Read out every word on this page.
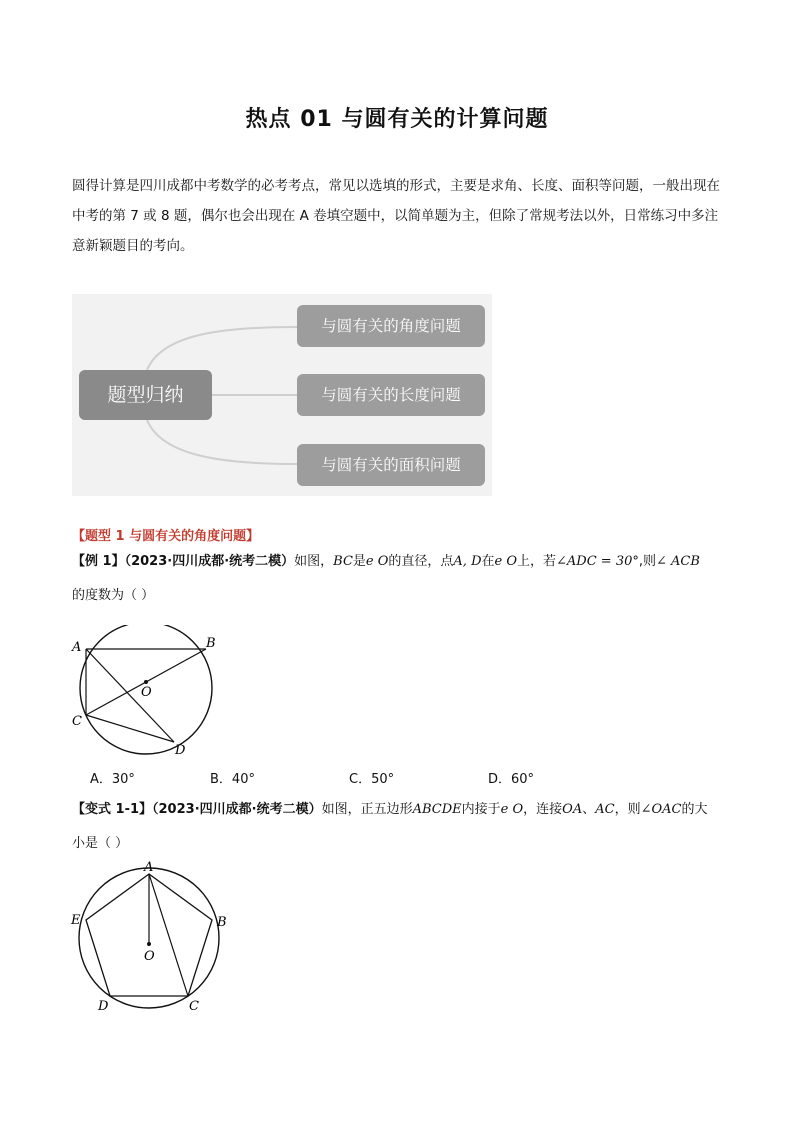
热点 01 与圆有关的计算问题
圆得计算是四川成都中考数学的必考考点，常见以选填的形式，主要是求角、长度、面积等问题，一般出现在中考的第 7 或 8 题，偶尔也会出现在 A 卷填空题中，以简单题为主，但除了常规考法以外，日常练习中多注意新颖题目的考向。
题型归纳
与圆有关的角度问题
与圆有关的长度问题
与圆有关的面积问题
【题型 1 与圆有关的角度问题】
【例 1】（2023·四川成都·统考二模）如图，BC是e O的直径，点A, D在e O上，若∠ADC = 30°,则∠ ACB
的度数为（ ）
A	B
C
D
O
A．30°	B．40°	C．50°	D．60°
【变式 1-1】（2023·四川成都·统考二模）如图，正五边形ABCDE内接于e O，连接OA、AC，则∠OAC的大
小是（ ）
A
B
C
D
E
O
